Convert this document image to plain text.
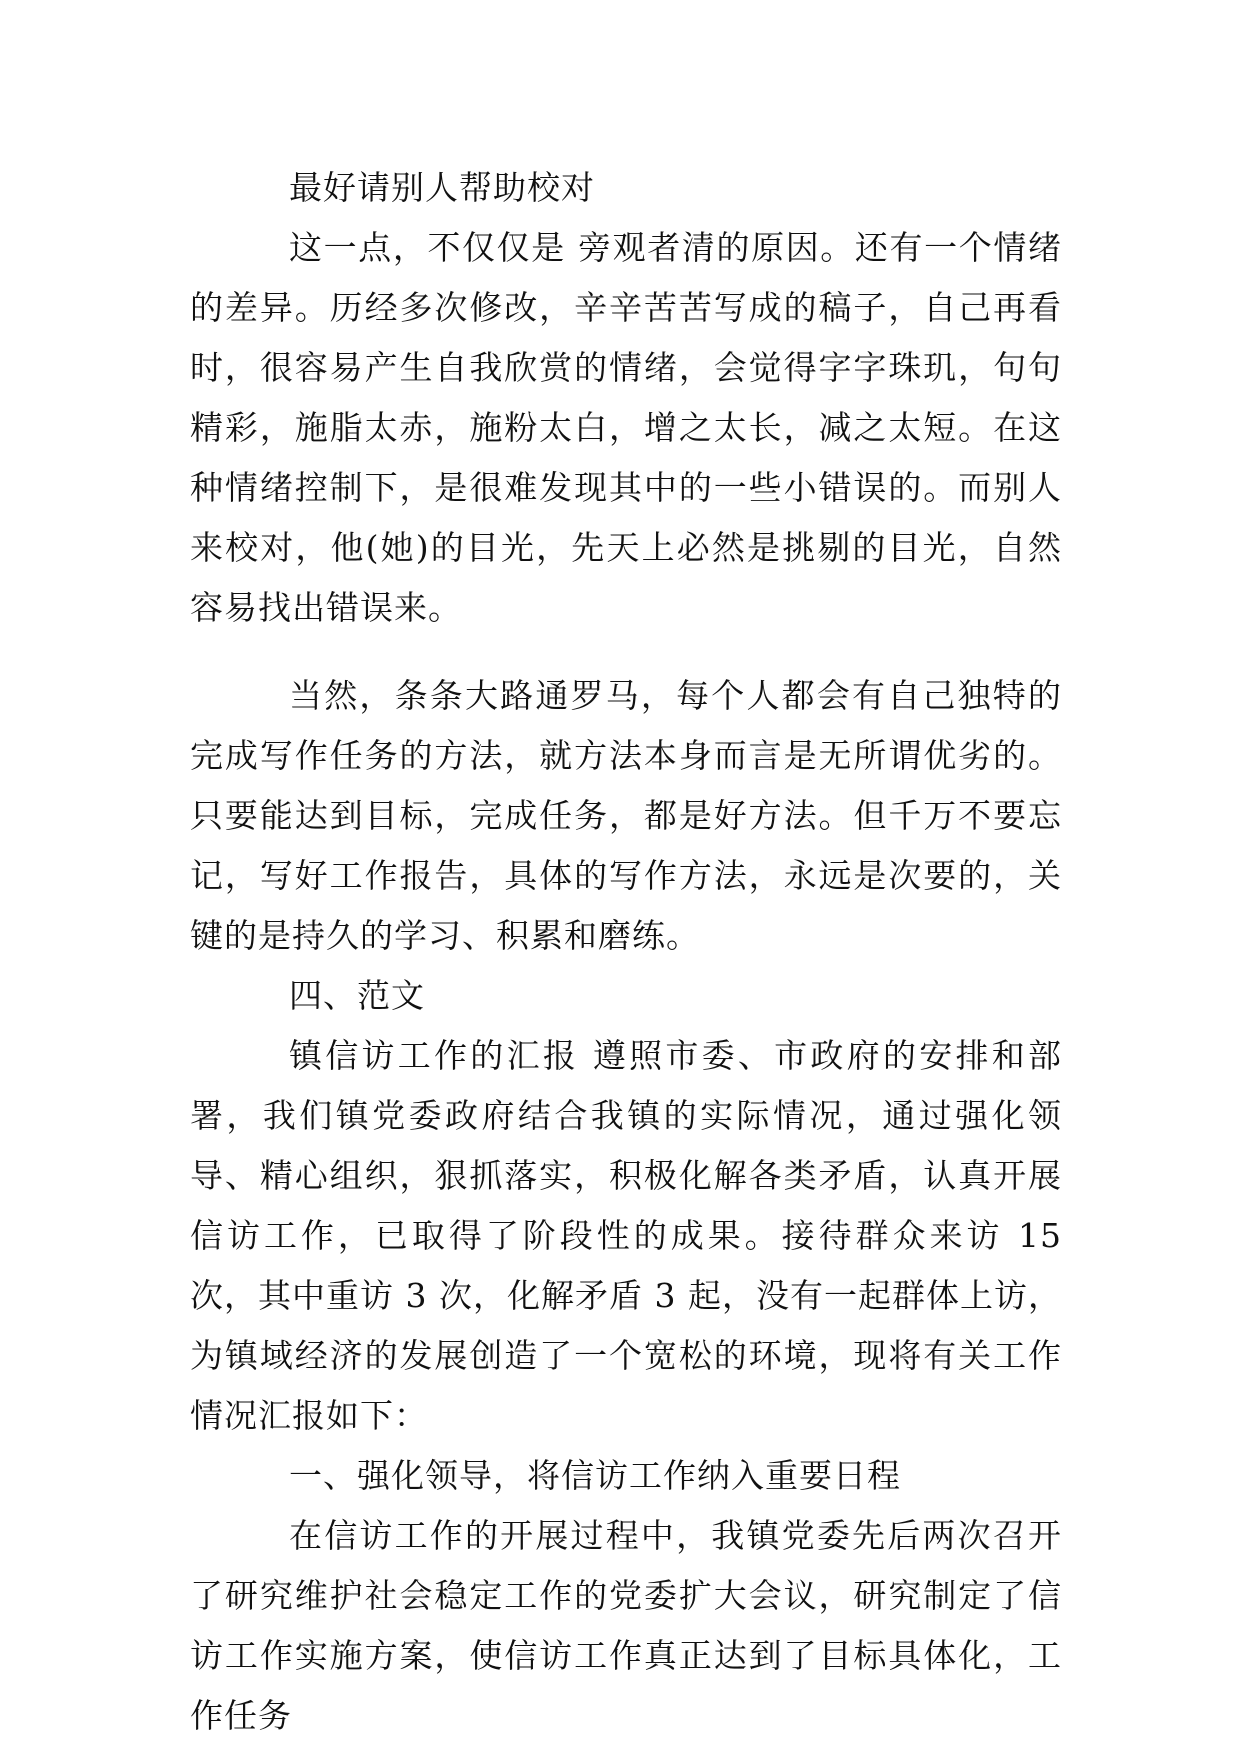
最好请别人帮助校对

这一点，不仅仅是 旁观者清的原因。还有一个情绪的差异。历经多次修改，辛辛苦苦写成的稿子，自己再看时，很容易产生自我欣赏的情绪，会觉得字字珠玑，句句精彩，施脂太赤，施粉太白，增之太长，减之太短。在这种情绪控制下，是很难发现其中的一些小错误的。而别人来校对，他(她)的目光，先天上必然是挑剔的目光，自然容易找出错误来。

当然，条条大路通罗马，每个人都会有自己独特的完成写作任务的方法，就方法本身而言是无所谓优劣的。只要能达到目标，完成任务，都是好方法。但千万不要忘记，写好工作报告，具体的写作方法，永远是次要的，关键的是持久的学习、积累和磨练。

四、范文

镇信访工作的汇报 遵照市委、市政府的安排和部署，我们镇党委政府结合我镇的实际情况，通过强化领导、精心组织，狠抓落实，积极化解各类矛盾，认真开展信访工作，已取得了阶段性的成果。接待群众来访 15 次，其中重访 3 次，化解矛盾 3 起，没有一起群体上访，为镇域经济的发展创造了一个宽松的环境，现将有关工作情况汇报如下：

一、强化领导，将信访工作纳入重要日程

在信访工作的开展过程中，我镇党委先后两次召开了研究维护社会稳定工作的党委扩大会议，研究制定了信访工作实施方案，使信访工作真正达到了目标具体化，工作任务
